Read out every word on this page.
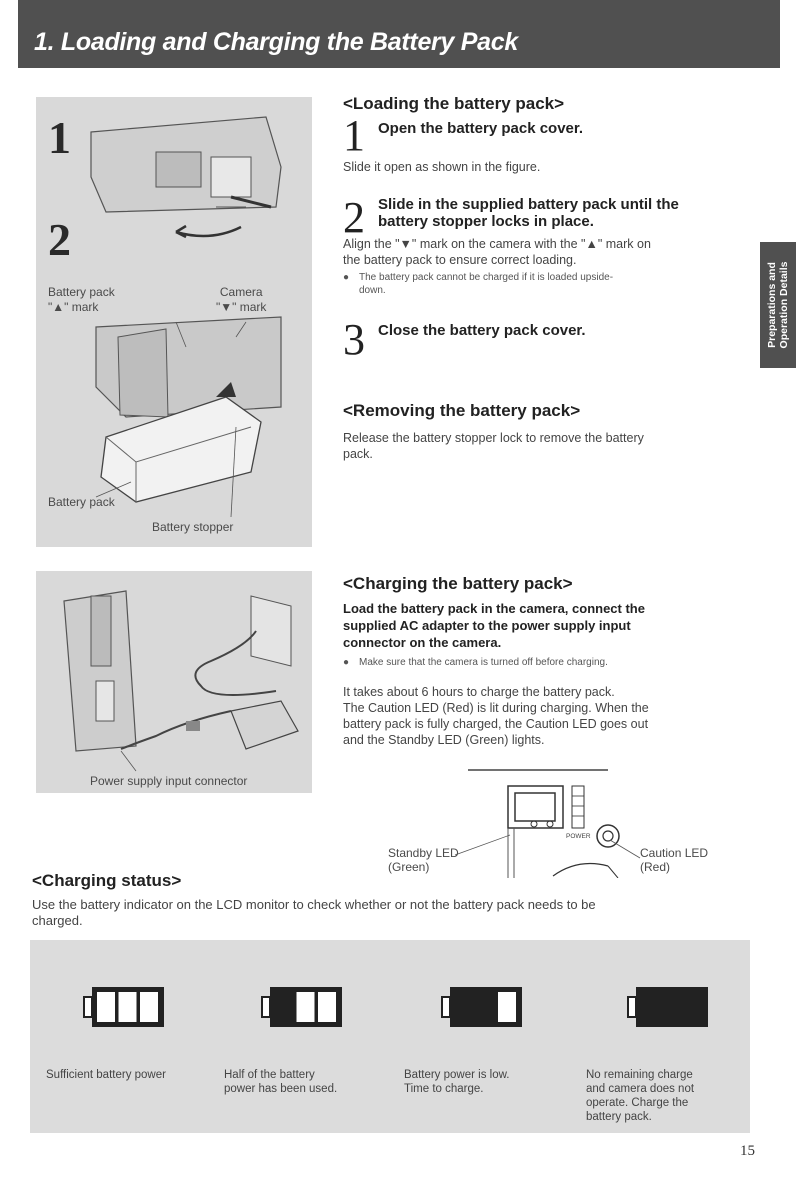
1. Loading and Charging the Battery Pack
Preparations and Operation Details
1
2
Battery pack
"▲" mark
Camera
"▼" mark
Battery pack
Battery stopper
<Loading the battery pack>
1 Open the battery pack cover.
Slide it open as shown in the figure.
2 Slide in the supplied battery pack until the
battery stopper locks in place.
Align the "▼" mark on the camera with the "▲" mark on
the battery pack to ensure correct loading.
● The battery pack cannot be charged if it is loaded upside-
down.
3 Close the battery pack cover.
<Removing the battery pack>
Release the battery stopper lock to remove the battery
pack.
Power supply input connector
<Charging the battery pack>
Load the battery pack in the camera, connect the
supplied AC adapter to the power supply input
connector on the camera.
● Make sure that the camera is turned off before charging.
It takes about 6 hours to charge the battery pack.
The Caution LED (Red) is lit during charging. When the
battery pack is fully charged, the Caution LED goes out
and the Standby LED (Green) lights.
POWER
Standby LED
(Green)
Caution LED
(Red)
<Charging status>
Use the battery indicator on the LCD monitor to check whether or not the battery pack needs to be
charged.
Sufficient battery power	Half of the battery
power has been used.
Battery power is low.
Time to charge.
No remaining charge
and camera does not
operate. Charge the
battery pack.
15
